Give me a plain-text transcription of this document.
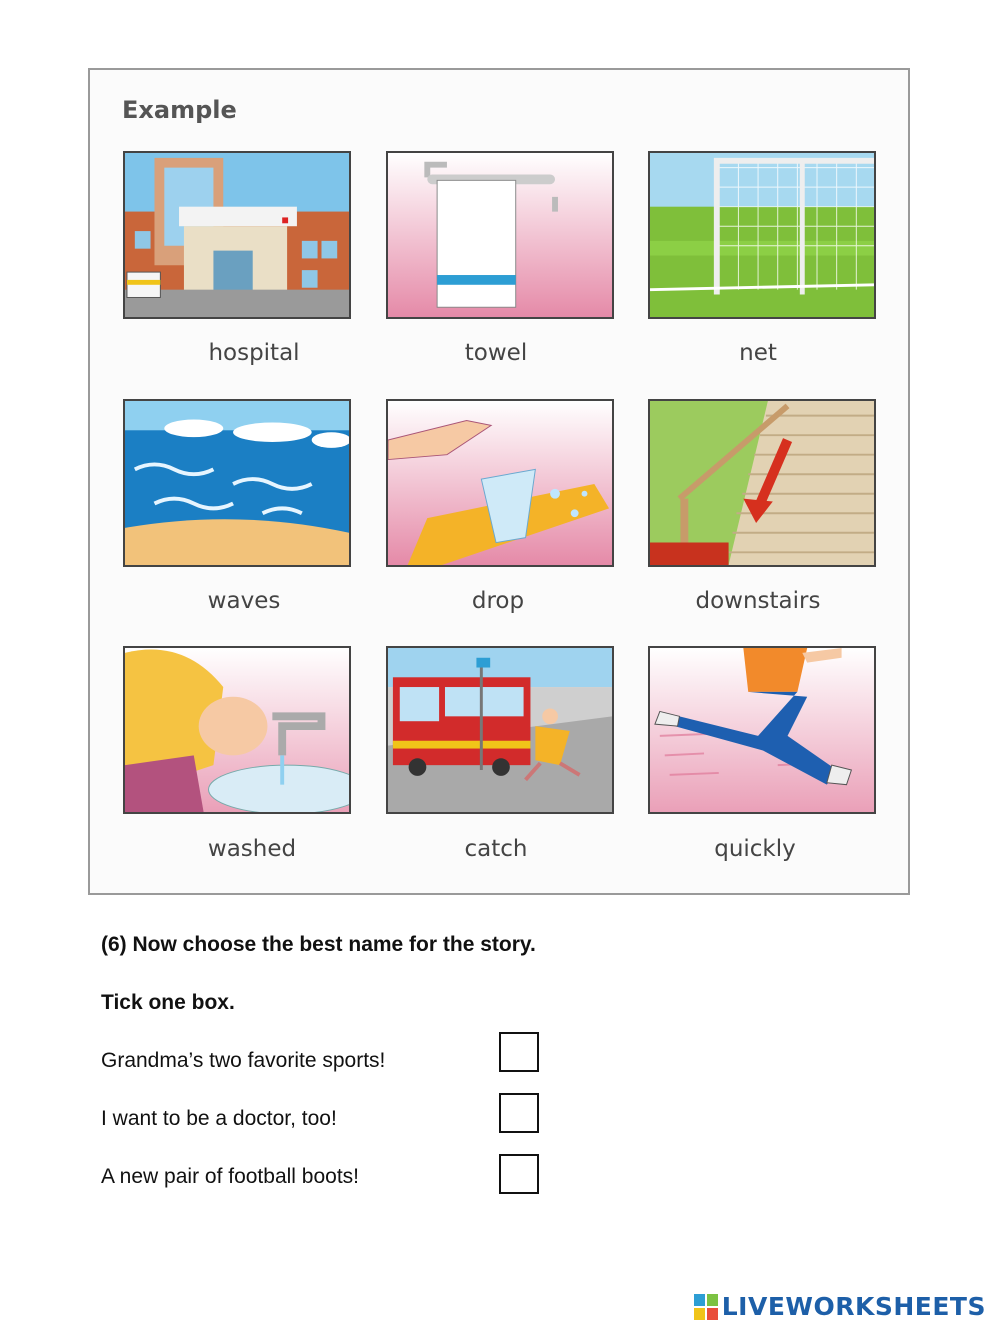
Example
hospital	towel	net
waves	drop	downstairs
washed	catch	quickly
(6) Now choose the best name for the story.
Tick one box.
Grandma’s two favorite sports!
I want to be a doctor, too!
A new pair of football boots!
LIVEWORKSHEETS
